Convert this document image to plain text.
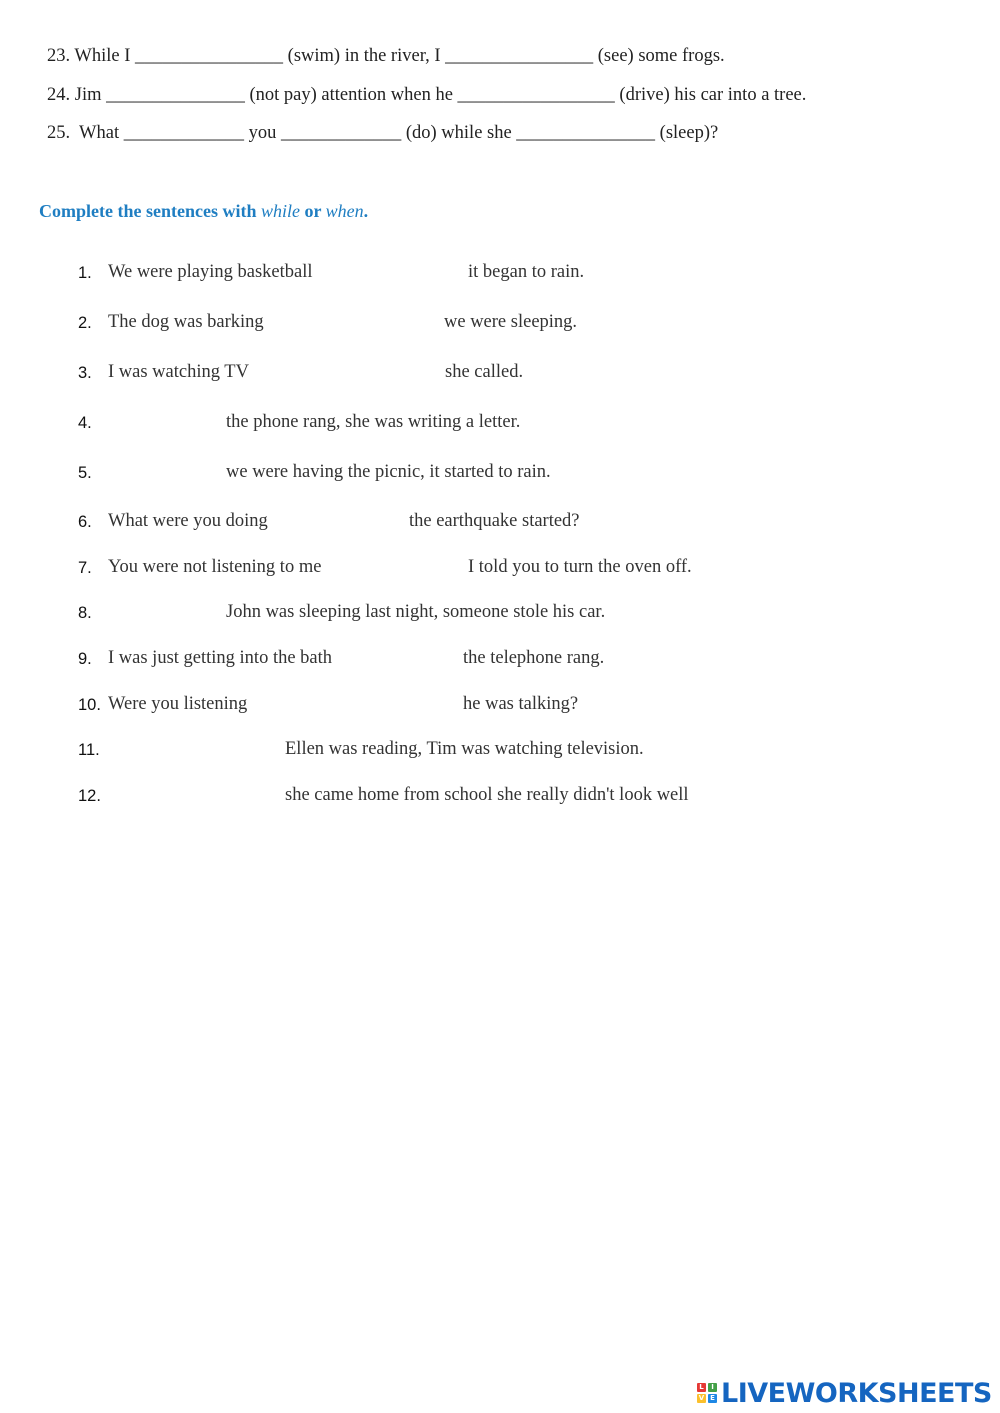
23. While I ________________ (swim) in the river, I ________________ (see) some frogs.
24. Jim _______________ (not pay) attention when he _________________ (drive) his car into a tree.
25.  What _____________ you _____________ (do) while she _______________ (sleep)?
Complete the sentences with while or when.
1. We were playing basketball	it began to rain.
2. The dog was barking	we were sleeping.
3. I was watching TV	she called.
4.	the phone rang, she was writing a letter.
5.	we were having the picnic, it started to rain.
6. What were you doing	the earthquake started?
7. You were not listening to me	I told you to turn the oven off.
8.	John was sleeping last night, someone stole his car.
9. I was just getting into the bath	the telephone rang.
10. Were you listening	he was talking?
11.	Ellen was reading, Tim was watching television.
12.	she came home from school she really didn't look well
L	I
V E LIVEWORKSHEETS
